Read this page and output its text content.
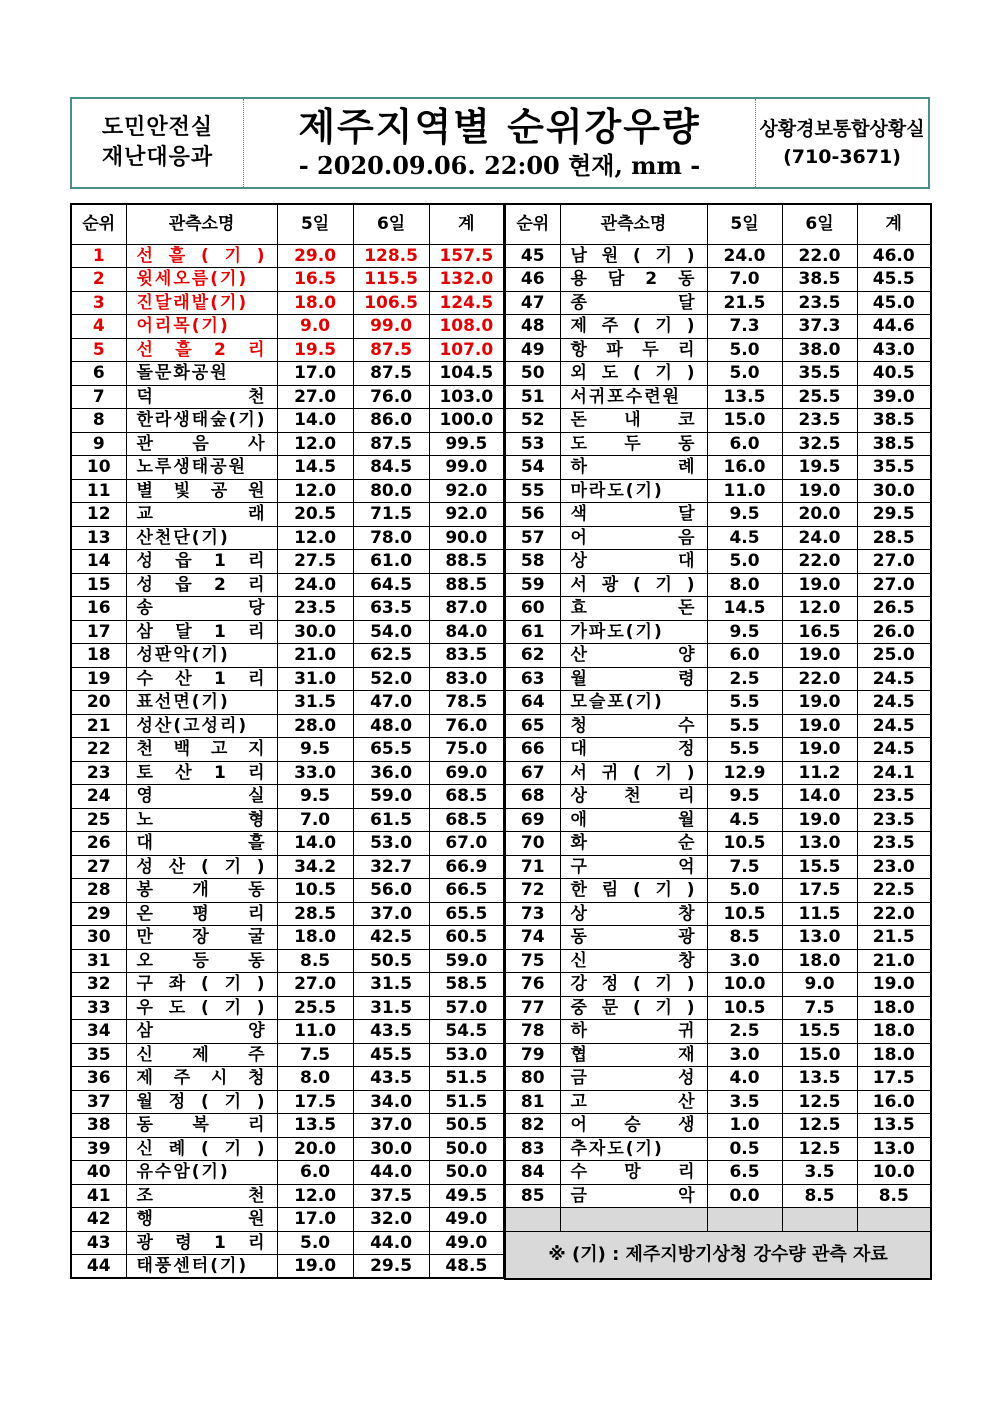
도민안전실
재난대응과
제주지역별 순위강우량
- 2020.09.06. 22:00 현재, mm -
상황경보통합상황실
(710-3671)
순위	관측소명	5일	6일	계
1	선 흘 ( 기 )	29.0	128.5	157.5
2	윗세오름(기)	16.5	115.5	132.0
3	진달래밭(기)	18.0	106.5	124.5
4	어리목(기)	9.0	99.0	108.0
5	선 흘 2 리	19.5	87.5	107.0
6	돌문화공원	17.0	87.5	104.5
7	덕 천	27.0	76.0	103.0
8	한라생태숲(기)	14.0	86.0	100.0
9	관 음 사	12.0	87.5	99.5
10	노루생태공원	14.5	84.5	99.0
11	별 빛 공 원	12.0	80.0	92.0
12	교 래	20.5	71.5	92.0
13	산천단(기)	12.0	78.0	90.0
14	성 읍 1 리	27.5	61.0	88.5
15	성 읍 2 리	24.0	64.5	88.5
16	송 당	23.5	63.5	87.0
17	삼 달 1 리	30.0	54.0	84.0
18	성판악(기)	21.0	62.5	83.5
19	수 산 1 리	31.0	52.0	83.0
20	표선면(기)	31.5	47.0	78.5
21	성산(고성리)	28.0	48.0	76.0
22	천 백 고 지	9.5	65.5	75.0
23	토 산 1 리	33.0	36.0	69.0
24	영 실	9.5	59.0	68.5
25	노 형	7.0	61.5	68.5
26	대 흘	14.0	53.0	67.0
27	성 산 ( 기 )	34.2	32.7	66.9
28	봉 개 동	10.5	56.0	66.5
29	온 평 리	28.5	37.0	65.5
30	만 장 굴	18.0	42.5	60.5
31	오 등 동	8.5	50.5	59.0
32	구 좌 ( 기 )	27.0	31.5	58.5
33	우 도 ( 기 )	25.5	31.5	57.0
34	삼 양	11.0	43.5	54.5
35	신 제 주	7.5	45.5	53.0
36	제 주 시 청	8.0	43.5	51.5
37	월 정 ( 기 )	17.5	34.0	51.5
38	동 복 리	13.5	37.0	50.5
39	신 례 ( 기 )	20.0	30.0	50.0
40	유수암(기)	6.0	44.0	50.0
41	조 천	12.0	37.5	49.5
42	행 원	17.0	32.0	49.0
43	광 령 1 리	5.0	44.0	49.0
44	태풍센터(기)	19.0	29.5	48.5
순위	관측소명	5일	6일	계
45	남 원 ( 기 )	24.0	22.0	46.0
46	용 담 2 동	7.0	38.5	45.5
47	종 달	21.5	23.5	45.0
48	제 주 ( 기 )	7.3	37.3	44.6
49	항 파 두 리	5.0	38.0	43.0
50	외 도 ( 기 )	5.0	35.5	40.5
51	서귀포수련원	13.5	25.5	39.0
52	돈 내 코	15.0	23.5	38.5
53	도 두 동	6.0	32.5	38.5
54	하 례	16.0	19.5	35.5
55	마라도(기)	11.0	19.0	30.0
56	색 달	9.5	20.0	29.5
57	어 음	4.5	24.0	28.5
58	상 대	5.0	22.0	27.0
59	서 광 ( 기 )	8.0	19.0	27.0
60	효 돈	14.5	12.0	26.5
61	가파도(기)	9.5	16.5	26.0
62	산 양	6.0	19.0	25.0
63	월 령	2.5	22.0	24.5
64	모슬포(기)	5.5	19.0	24.5
65	청 수	5.5	19.0	24.5
66	대 정	5.5	19.0	24.5
67	서 귀 ( 기 )	12.9	11.2	24.1
68	상 천 리	9.5	14.0	23.5
69	애 월	4.5	19.0	23.5
70	화 순	10.5	13.0	23.5
71	구 억	7.5	15.5	23.0
72	한 림 ( 기 )	5.0	17.5	22.5
73	상 창	10.5	11.5	22.0
74	동 광	8.5	13.0	21.5
75	신 창	3.0	18.0	21.0
76	강 정 ( 기 )	10.0	9.0	19.0
77	중 문 ( 기 )	10.5	7.5	18.0
78	하 귀	2.5	15.5	18.0
79	협 재	3.0	15.0	18.0
80	금 성	4.0	13.5	17.5
81	고 산	3.5	12.5	16.0
82	어 승 생	1.0	12.5	13.5
83	추자도(기)	0.5	12.5	13.0
84	수 망 리	6.5	3.5	10.0
85	금 악	0.0	8.5	8.5

※ (기) : 제주지방기상청 강수량 관측 자료				
